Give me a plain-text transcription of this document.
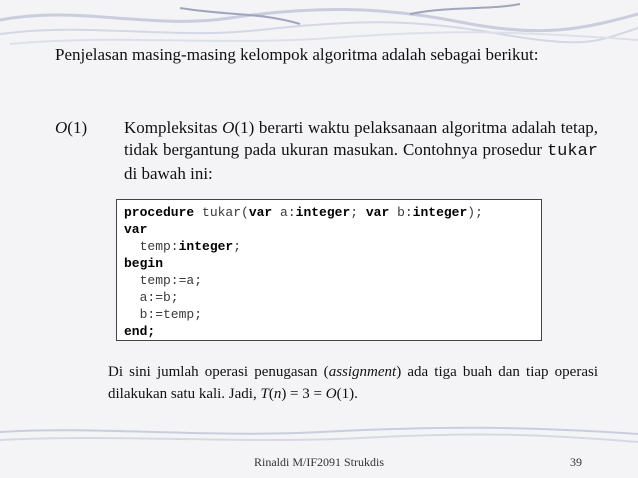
Penjelasan masing-masing kelompok algoritma adalah sebagai berikut:
O(1) Kompleksitas O(1) berarti waktu pelaksanaan algoritma adalah tetap, tidak bergantung pada ukuran masukan. Contohnya prosedur tukar di bawah ini:
procedure tukar(var a:integer; var b:integer);
var
temp:integer;
begin
temp:=a;
a:=b;
b:=temp;
end;
Di sini jumlah operasi penugasan (assignment) ada tiga buah dan tiap operasi dilakukan satu kali. Jadi, T(n) = 3 = O(1).
Rinaldi M/IF2091 Strukdis	39
